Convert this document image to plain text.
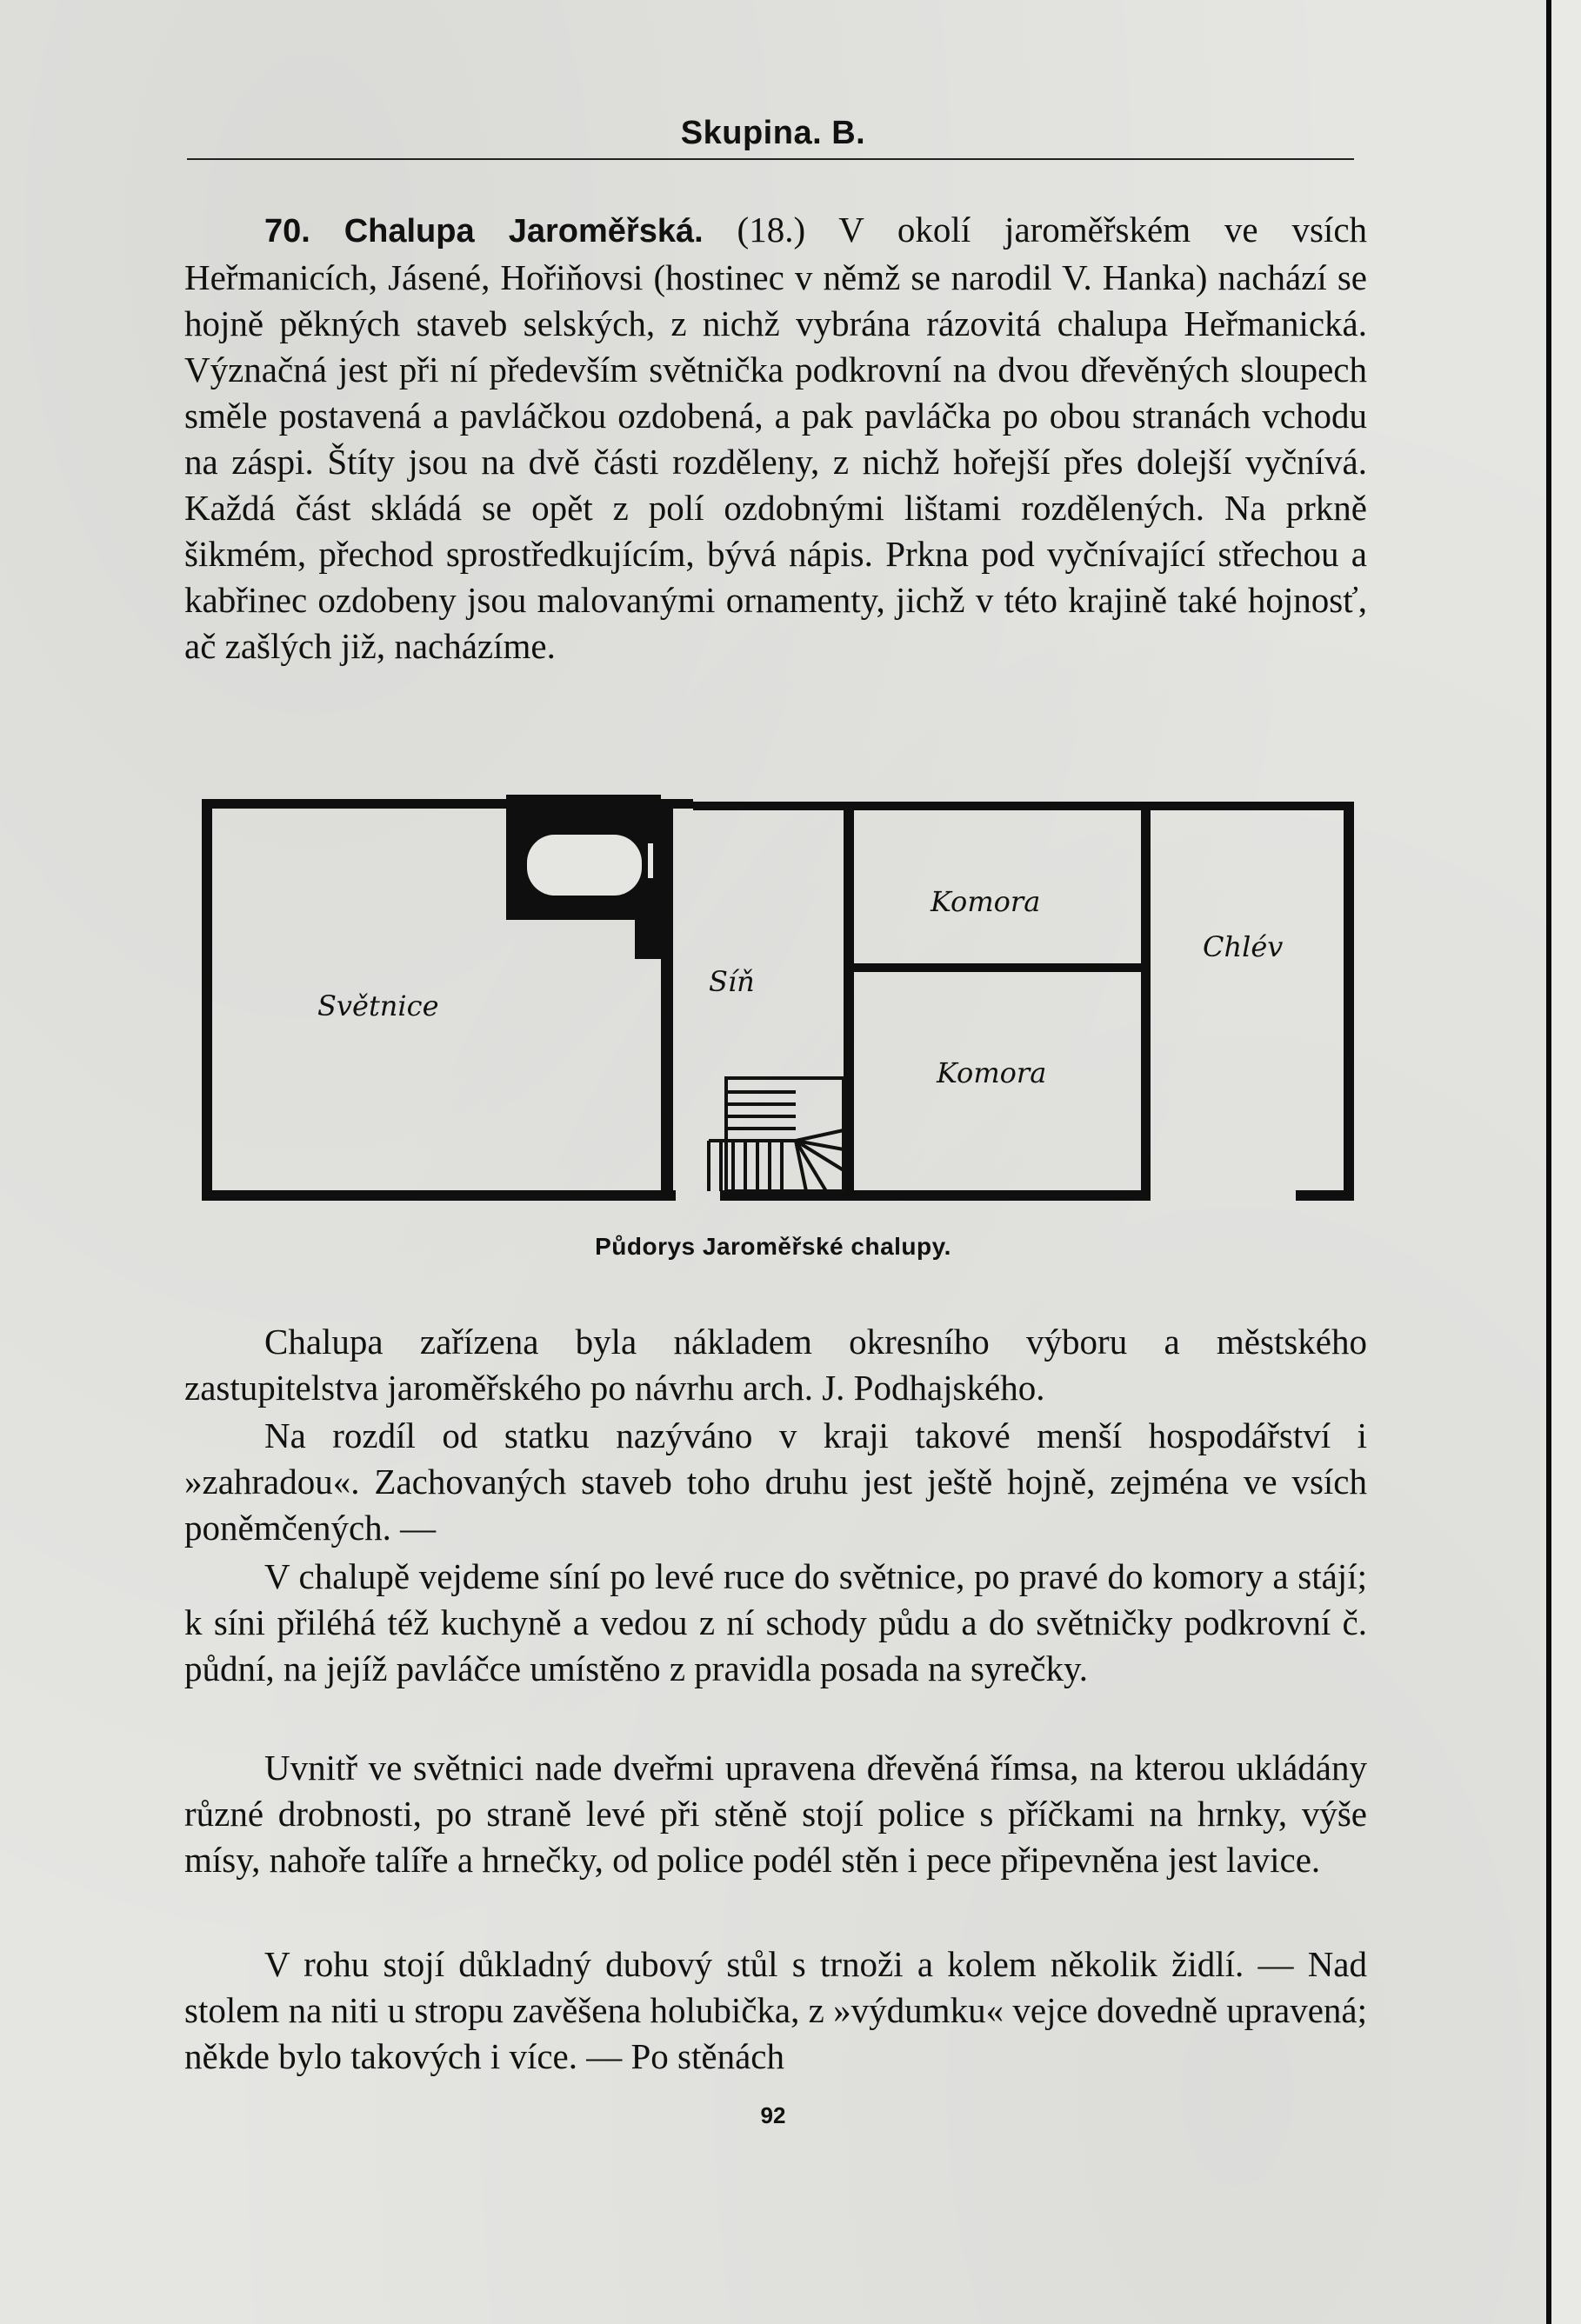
Skupina. B.

70. Chalupa Jaroměřská. (18.) V okolí jaroměřském ve vsích Heřmanicích, Jásené, Hořiňovsi (hostinec v němž se narodil V. Hanka) nachází se hojně pěkných staveb selských, z nichž vybrána rázovitá chalupa Heřmanická. Význačná jest při ní především světnička podkrovní na dvou dřevěných sloupech směle postavená a pavláčkou ozdobená, a pak pavláčka po obou stranách vchodu na záspi. Štíty jsou na dvě části rozděleny, z nichž hořejší přes dolejší vyčnívá. Každá část skládá se opět z polí ozdobnými lištami rozdělených. Na prkně šikmém, přechod sprostředkujícím, bývá nápis. Prkna pod vyčnívající střechou a kabřinec ozdobeny jsou malovanými ornamenty, jichž v této krajině také hojnosť, ač zašlých již, nacházíme.

Světnice
Síň
Komora
Komora
Chlév
Půdorys Jaroměřské chalupy.

Chalupa zařízena byla nákladem okresního výboru a městského zastupitelstva jaroměřského po návrhu arch. J. Podhajského.

Na rozdíl od statku nazýváno v kraji takové menší hospodářství i »zahradou«. Zachovaných staveb toho druhu jest ještě hojně, zejména ve vsích poněmčených. —

V chalupě vejdeme síní po levé ruce do světnice, po pravé do komory a stájí; k síni přiléhá též kuchyně a vedou z ní schody půdu a do světničky podkrovní č. půdní, na jejíž pavláčce umístěno z pravidla posada na syrečky.

Uvnitř ve světnici nade dveřmi upravena dřevěná římsa, na kterou ukládány různé drobnosti, po straně levé při stěně stojí police s příčkami na hrnky, výše mísy, nahoře talíře a hrnečky, od police podél stěn i pece připevněna jest lavice.

V rohu stojí důkladný dubový stůl s trnoži a kolem několik židlí. — Nad stolem na niti u stropu zavěšena holubička, z »výdumku« vejce dovedně upravená; někde bylo takových i více. — Po stěnách

92
